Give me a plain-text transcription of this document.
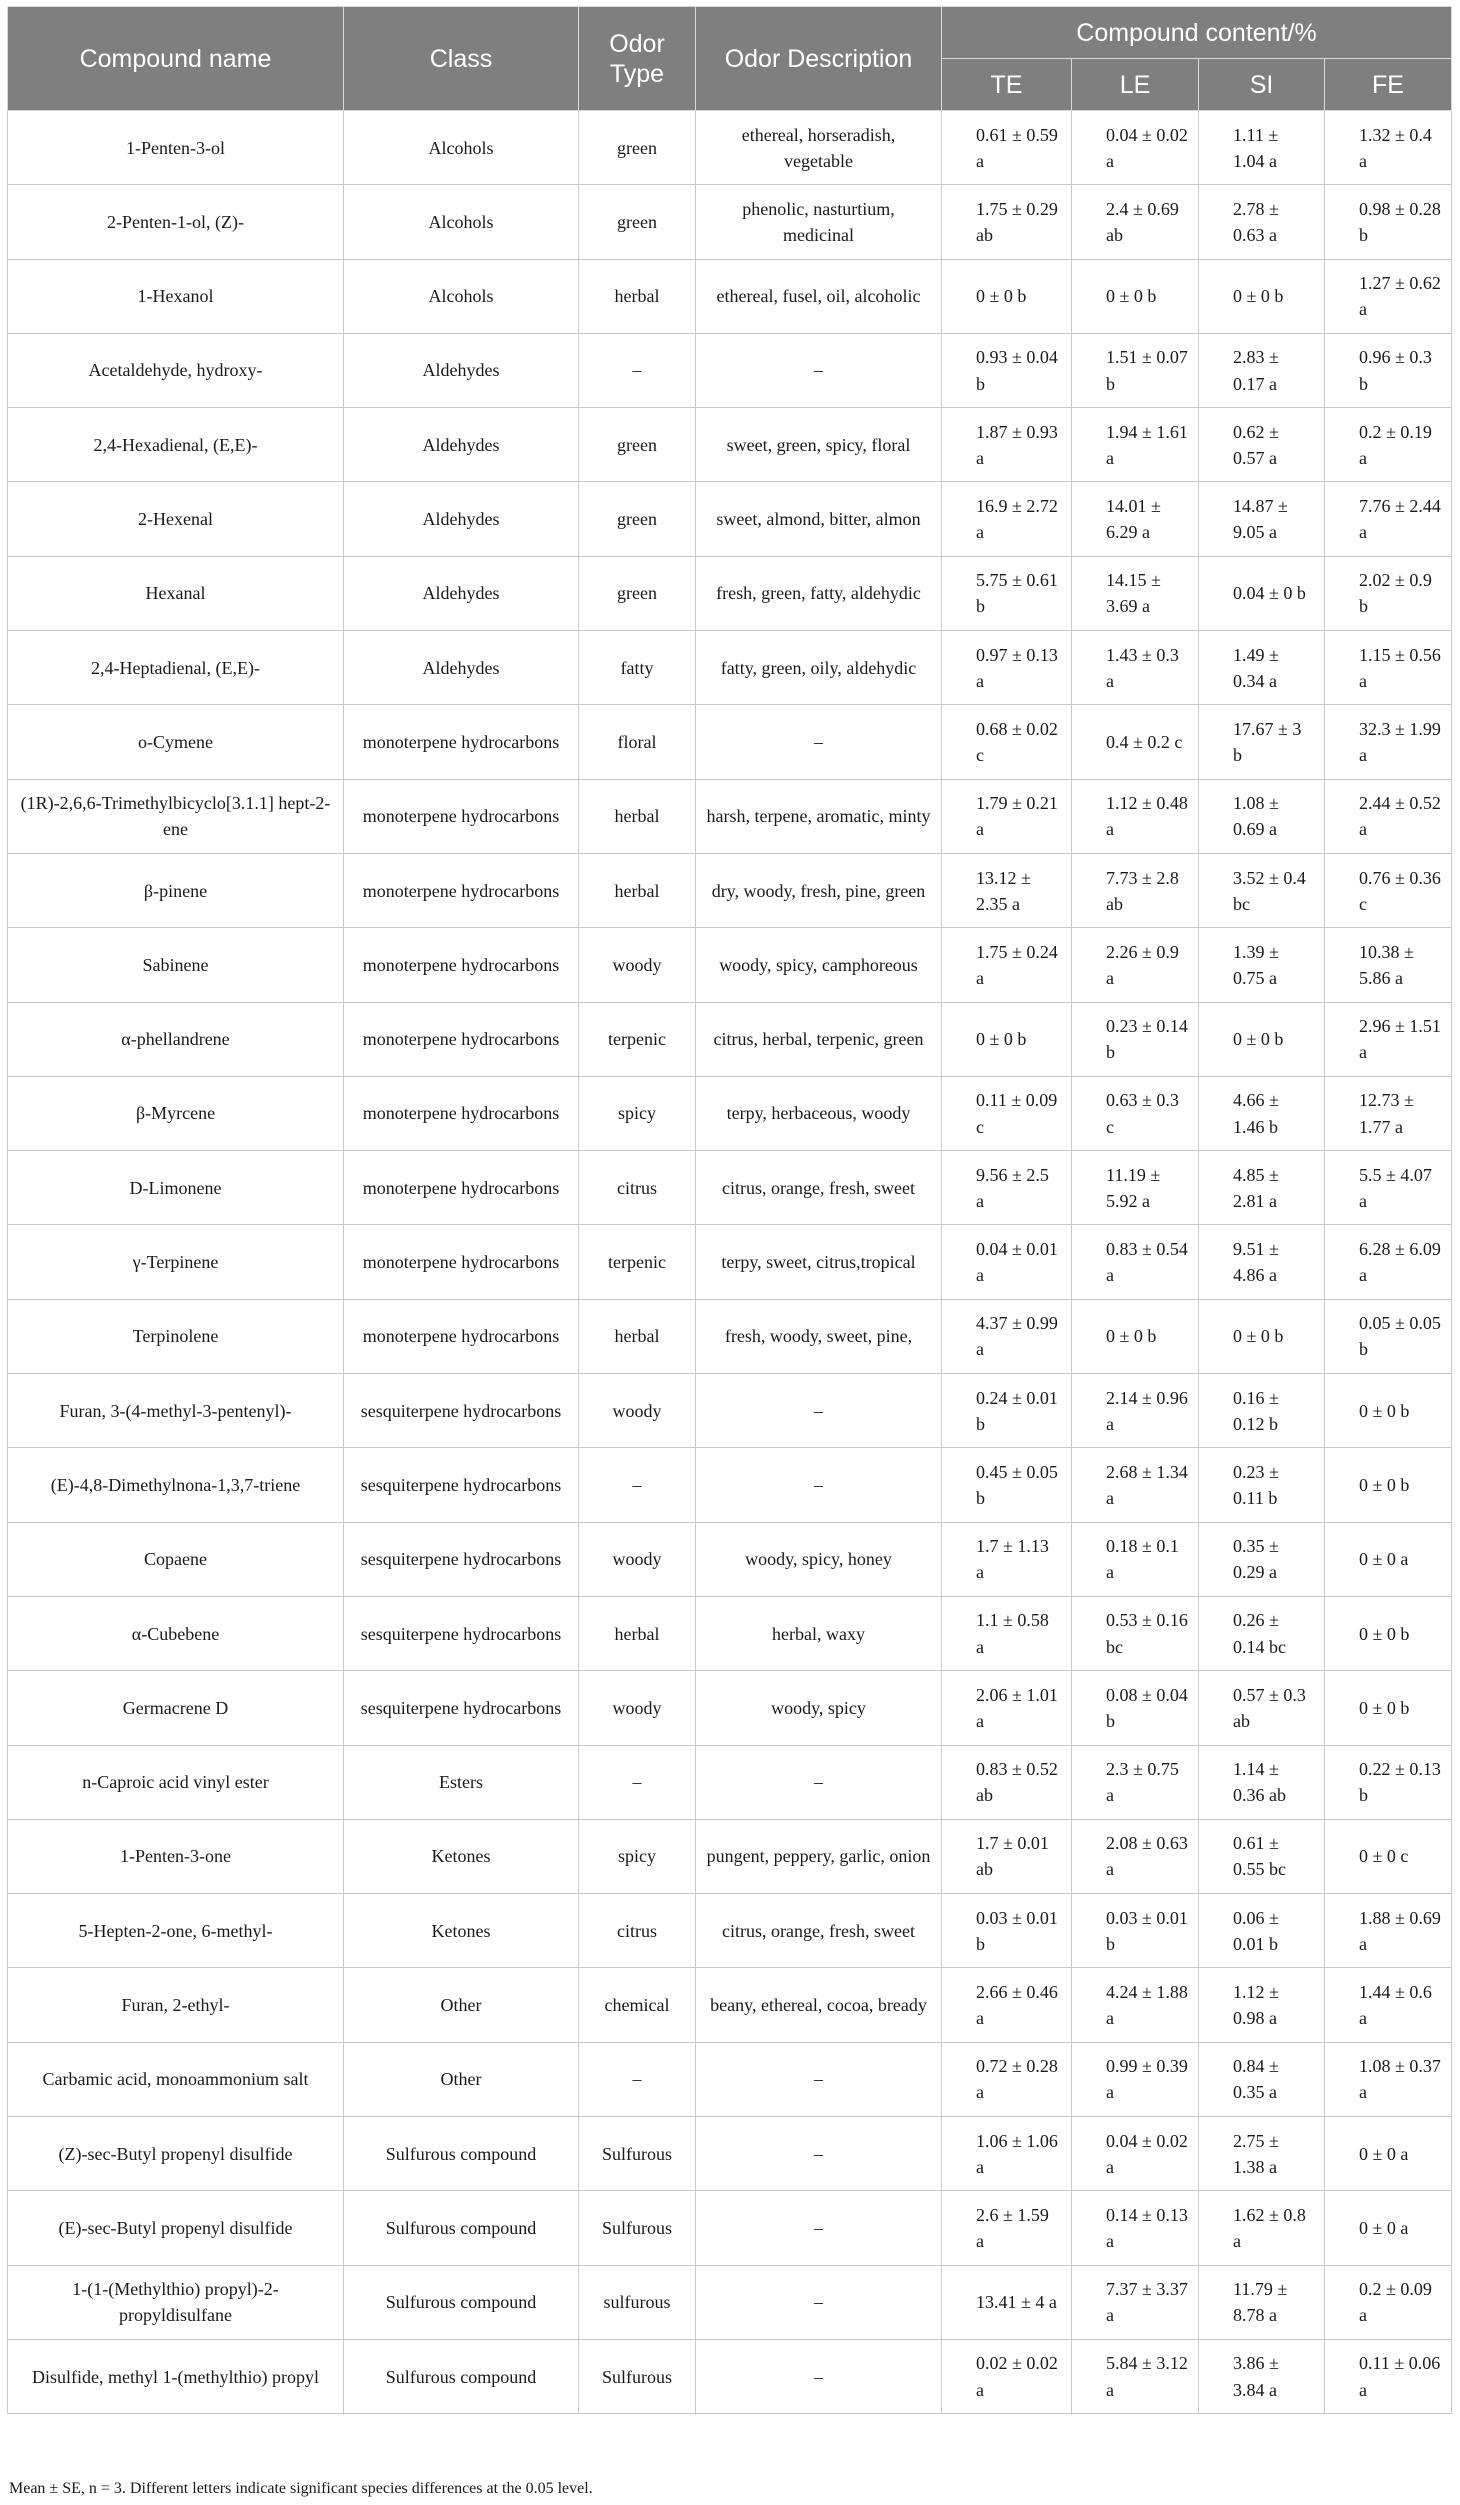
Compound name	Class	Odor Type	Odor Description	Compound content/%			
				TE	LE	SI	FE
1-Penten-3-ol	Alcohols	green	ethereal, horseradish, vegetable	0.61 ± 0.59 a	0.04 ± 0.02 a	1.11 ± 1.04 a	1.32 ± 0.4 a
2-Penten-1-ol, (Z)-	Alcohols	green	phenolic, nasturtium, medicinal	1.75 ± 0.29 ab	2.4 ± 0.69 ab	2.78 ± 0.63 a	0.98 ± 0.28 b
1-Hexanol	Alcohols	herbal	ethereal, fusel, oil, alcoholic	0 ± 0 b	0 ± 0 b	0 ± 0 b	1.27 ± 0.62 a
Acetaldehyde, hydroxy-	Aldehydes	–	–	0.93 ± 0.04 b	1.51 ± 0.07 b	2.83 ± 0.17 a	0.96 ± 0.3 b
2,4-Hexadienal, (E,E)-	Aldehydes	green	sweet, green, spicy, floral	1.87 ± 0.93 a	1.94 ± 1.61 a	0.62 ± 0.57 a	0.2 ± 0.19 a
2-Hexenal	Aldehydes	green	sweet, almond, bitter, almon	16.9 ± 2.72 a	14.01 ± 6.29 a	14.87 ± 9.05 a	7.76 ± 2.44 a
Hexanal	Aldehydes	green	fresh, green, fatty, aldehydic	5.75 ± 0.61 b	14.15 ± 3.69 a	0.04 ± 0 b	2.02 ± 0.9 b
2,4-Heptadienal, (E,E)-	Aldehydes	fatty	fatty, green, oily, aldehydic	0.97 ± 0.13 a	1.43 ± 0.3 a	1.49 ± 0.34 a	1.15 ± 0.56 a
o-Cymene	monoterpene hydrocarbons	floral	–	0.68 ± 0.02 c	0.4 ± 0.2 c	17.67 ± 3 b	32.3 ± 1.99 a
(1R)-2,6,6-Trimethylbicyclo[3.1.1] hept-2-ene	monoterpene hydrocarbons	herbal	harsh, terpene, aromatic, minty	1.79 ± 0.21 a	1.12 ± 0.48 a	1.08 ± 0.69 a	2.44 ± 0.52 a
β-pinene	monoterpene hydrocarbons	herbal	dry, woody, fresh, pine, green	13.12 ± 2.35 a	7.73 ± 2.8 ab	3.52 ± 0.4 bc	0.76 ± 0.36 c
Sabinene	monoterpene hydrocarbons	woody	woody, spicy, camphoreous	1.75 ± 0.24 a	2.26 ± 0.9 a	1.39 ± 0.75 a	10.38 ± 5.86 a
α-phellandrene	monoterpene hydrocarbons	terpenic	citrus, herbal, terpenic, green	0 ± 0 b	0.23 ± 0.14 b	0 ± 0 b	2.96 ± 1.51 a
β-Myrcene	monoterpene hydrocarbons	spicy	terpy, herbaceous, woody	0.11 ± 0.09 c	0.63 ± 0.3 c	4.66 ± 1.46 b	12.73 ± 1.77 a
D-Limonene	monoterpene hydrocarbons	citrus	citrus, orange, fresh, sweet	9.56 ± 2.5 a	11.19 ± 5.92 a	4.85 ± 2.81 a	5.5 ± 4.07 a
γ-Terpinene	monoterpene hydrocarbons	terpenic	terpy, sweet, citrus,tropical	0.04 ± 0.01 a	0.83 ± 0.54 a	9.51 ± 4.86 a	6.28 ± 6.09 a
Terpinolene	monoterpene hydrocarbons	herbal	fresh, woody, sweet, pine,	4.37 ± 0.99 a	0 ± 0 b	0 ± 0 b	0.05 ± 0.05 b
Furan, 3-(4-methyl-3-pentenyl)-	sesquiterpene hydrocarbons	woody	–	0.24 ± 0.01 b	2.14 ± 0.96 a	0.16 ± 0.12 b	0 ± 0 b
(E)-4,8-Dimethylnona-1,3,7-triene	sesquiterpene hydrocarbons	–	–	0.45 ± 0.05 b	2.68 ± 1.34 a	0.23 ± 0.11 b	0 ± 0 b
Copaene	sesquiterpene hydrocarbons	woody	woody, spicy, honey	1.7 ± 1.13 a	0.18 ± 0.1 a	0.35 ± 0.29 a	0 ± 0 a
α-Cubebene	sesquiterpene hydrocarbons	herbal	herbal, waxy	1.1 ± 0.58 a	0.53 ± 0.16 bc	0.26 ± 0.14 bc	0 ± 0 b
Germacrene D	sesquiterpene hydrocarbons	woody	woody, spicy	2.06 ± 1.01 a	0.08 ± 0.04 b	0.57 ± 0.3 ab	0 ± 0 b
n-Caproic acid vinyl ester	Esters	–	–	0.83 ± 0.52 ab	2.3 ± 0.75 a	1.14 ± 0.36 ab	0.22 ± 0.13 b
1-Penten-3-one	Ketones	spicy	pungent, peppery, garlic, onion	1.7 ± 0.01 ab	2.08 ± 0.63 a	0.61 ± 0.55 bc	0 ± 0 c
5-Hepten-2-one, 6-methyl-	Ketones	citrus	citrus, orange, fresh, sweet	0.03 ± 0.01 b	0.03 ± 0.01 b	0.06 ± 0.01 b	1.88 ± 0.69 a
Furan, 2-ethyl-	Other	chemical	beany, ethereal, cocoa, bready	2.66 ± 0.46 a	4.24 ± 1.88 a	1.12 ± 0.98 a	1.44 ± 0.6 a
Carbamic acid, monoammonium salt	Other	–	–	0.72 ± 0.28 a	0.99 ± 0.39 a	0.84 ± 0.35 a	1.08 ± 0.37 a
(Z)-sec-Butyl propenyl disulfide	Sulfurous compound	Sulfurous	–	1.06 ± 1.06 a	0.04 ± 0.02 a	2.75 ± 1.38 a	0 ± 0 a
(E)-sec-Butyl propenyl disulfide	Sulfurous compound	Sulfurous	–	2.6 ± 1.59 a	0.14 ± 0.13 a	1.62 ± 0.8 a	0 ± 0 a
1-(1-(Methylthio) propyl)-2-propyldisulfane	Sulfurous compound	sulfurous	–	13.41 ± 4 a	7.37 ± 3.37 a	11.79 ± 8.78 a	0.2 ± 0.09 a
Disulfide, methyl 1-(methylthio) propyl	Sulfurous compound	Sulfurous	–	0.02 ± 0.02 a	5.84 ± 3.12 a	3.86 ± 3.84 a	0.11 ± 0.06 a
Mean ± SE, n = 3. Different letters indicate significant species differences at the 0.05 level.
